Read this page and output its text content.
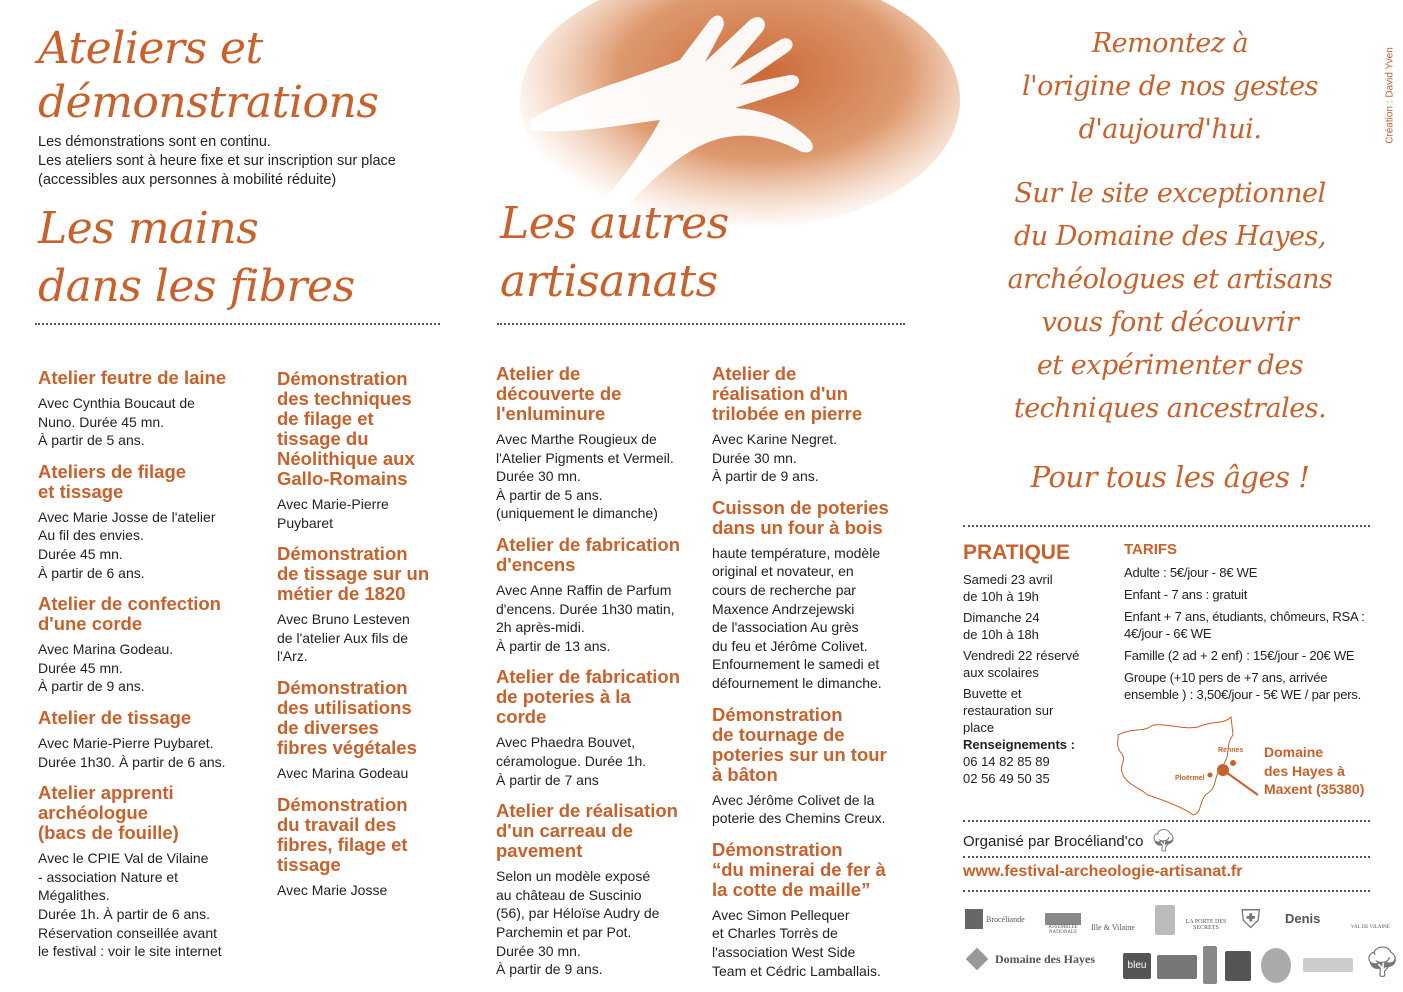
Création : David Yven
Ateliers et
démonstrations
Les démonstrations sont en continu.
Les ateliers sont à heure fixe et sur inscription sur place
(accessibles aux personnes à mobilité réduite)
Les mains
dans les fibres
Atelier feutre de laine

Avec Cynthia Boucaut de
Nuno. Durée 45 mn.
À partir de 5 ans.

Ateliers de filage
et tissage

Avec Marie Josse de l'atelier
Au fil des envies.
Durée 45 mn.
À partir de 6 ans.

Atelier de confection
d'une corde

Avec Marina Godeau.
Durée 45 mn.
À partir de 9 ans.

Atelier de tissage

Avec Marie-Pierre Puybaret.
Durée 1h30. À partir de 6 ans.

Atelier apprenti
archéologue
(bacs de fouille)

Avec le CPIE Val de Vilaine
- association Nature et
Mégalithes.
Durée 1h. À partir de 6 ans.
Réservation conseillée avant
le festival : voir le site internet

Démonstration
des techniques
de filage et
tissage du
Néolithique aux
Gallo-Romains

Avec Marie-Pierre
Puybaret

Démonstration
de tissage sur un
métier de 1820

Avec Bruno Lesteven
de l'atelier Aux fils de
l'Arz.

Démonstration
des utilisations
de diverses
fibres végétales

Avec Marina Godeau

Démonstration
du travail des
fibres, filage et
tissage

Avec Marie Josse

Les autres
artisanats
Atelier de
découverte de
l'enluminure

Avec Marthe Rougieux de
l'Atelier Pigments et Vermeil.
Durée 30 mn.
À partir de 5 ans.
(uniquement le dimanche)

Atelier de fabrication
d'encens

Avec Anne Raffin de Parfum
d'encens. Durée 1h30 matin,
2h après-midi.
À partir de 13 ans.

Atelier de fabrication
de poteries à la
corde

Avec Phaedra Bouvet,
céramologue. Durée 1h.
À partir de 7 ans

Atelier de réalisation
d'un carreau de
pavement

Selon un modèle exposé
au château de Suscinio
(56), par Héloïse Audry de
Parchemin et par Pot.
Durée 30 mn.
À partir de 9 ans.

Atelier de
réalisation d'un
trilobée en pierre

Avec Karine Negret.
Durée 30 mn.
À partir de 9 ans.

Cuisson de poteries
dans un four à bois

haute température, modèle
original et novateur, en
cours de recherche par
Maxence Andrzejewski
de l'association Au grès
du feu et Jérôme Colivet.
Enfournement le samedi et
défournement le dimanche.

Démonstration
de tournage de
poteries sur un tour
à bâton

Avec Jérôme Colivet de la
poterie des Chemins Creux.

Démonstration
“du minerai de fer à
la cotte de maille”

Avec Simon Pellequer
et Charles Torrès de
l'association West Side
Team et Cédric Lamballais.

Remontez à
l'origine de nos gestes
d'aujourd'hui.
Sur le site exceptionnel
du Domaine des Hayes,
archéologues et artisans
vous font découvrir
et expérimenter des
techniques ancestrales.
Pour tous les âges !
PRATIQUE

Samedi 23 avril
de 10h à 19h

Dimanche 24
de 10h à 18h

Vendredi 22 réservé
aux scolaires

Buvette et
restauration sur
place

Renseignements :

06 14 82 85 89
02 56 49 50 35

TARIFS

Adulte : 5€/jour - 8€ WE

Enfant - 7 ans : gratuit

Enfant + 7 ans, étudiants, chômeurs, RSA :
4€/jour - 6€ WE

Famille (2 ad + 2 enf) : 15€/jour - 20€ WE

Groupe (+10 pers de +7 ans, arrivée
ensemble ) : 3,50€/jour - 5€ WE / par pers.

Rennes
Ploërmel
Domaine
des Hayes à
Maxent (35380)
Organisé par Brocéliand'co 🌳︎
www.festival-archeologie-artisanat.fr
Brocéliande
ASSEMBLÉE NATIONALE
Ille & Vilaine
LA PORTE DES SECRETS ⛨ Denis
VAL DE VILAINE
Domaine des Hayes	bleu	🌳︎
